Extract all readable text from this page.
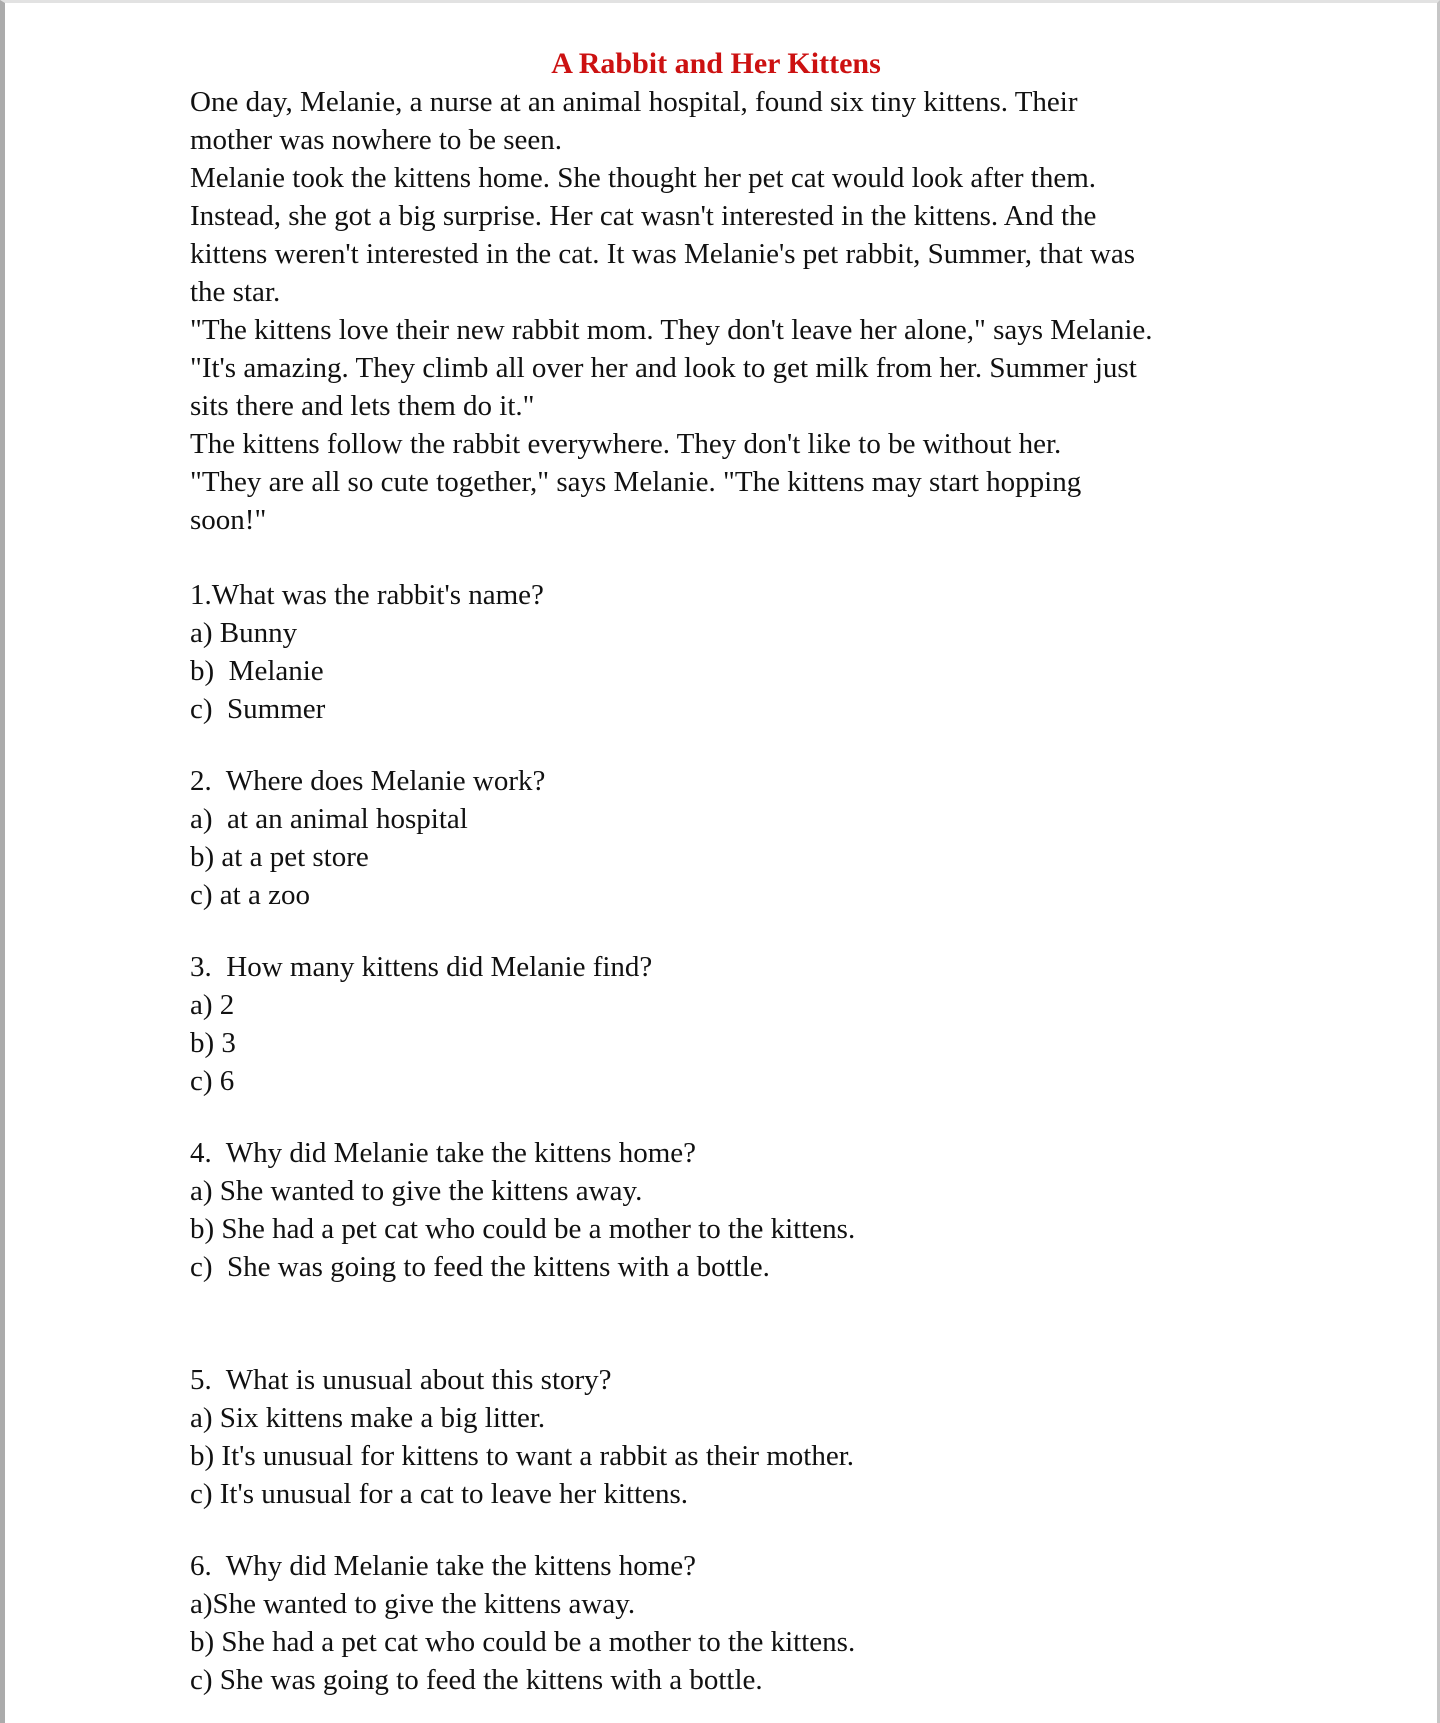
A Rabbit and Her Kittens
One day, Melanie, a nurse at an animal hospital, found six tiny kittens. Their
mother was nowhere to be seen.
Melanie took the kittens home. She thought her pet cat would look after them.
Instead, she got a big surprise. Her cat wasn't interested in the kittens. And the
kittens weren't interested in the cat. It was Melanie's pet rabbit, Summer, that was
the star.
"The kittens love their new rabbit mom. They don't leave her alone," says Melanie.
"It's amazing. They climb all over her and look to get milk from her. Summer just
sits there and lets them do it."
The kittens follow the rabbit everywhere. They don't like to be without her.
"They are all so cute together," says Melanie. "The kittens may start hopping
soon!"
1.What was the rabbit's name?
a) Bunny
b)  Melanie
c)  Summer
2.  Where does Melanie work?
a)  at an animal hospital
b) at a pet store
c) at a zoo
3.  How many kittens did Melanie find?
a) 2
b) 3
c) 6
4.  Why did Melanie take the kittens home?
a) She wanted to give the kittens away.
b) She had a pet cat who could be a mother to the kittens.
c)  She was going to feed the kittens with a bottle.
5.  What is unusual about this story?
a) Six kittens make a big litter.
b) It's unusual for kittens to want a rabbit as their mother.
c) It's unusual for a cat to leave her kittens.
6.  Why did Melanie take the kittens home?
a)She wanted to give the kittens away.
b) She had a pet cat who could be a mother to the kittens.
c) She was going to feed the kittens with a bottle.
